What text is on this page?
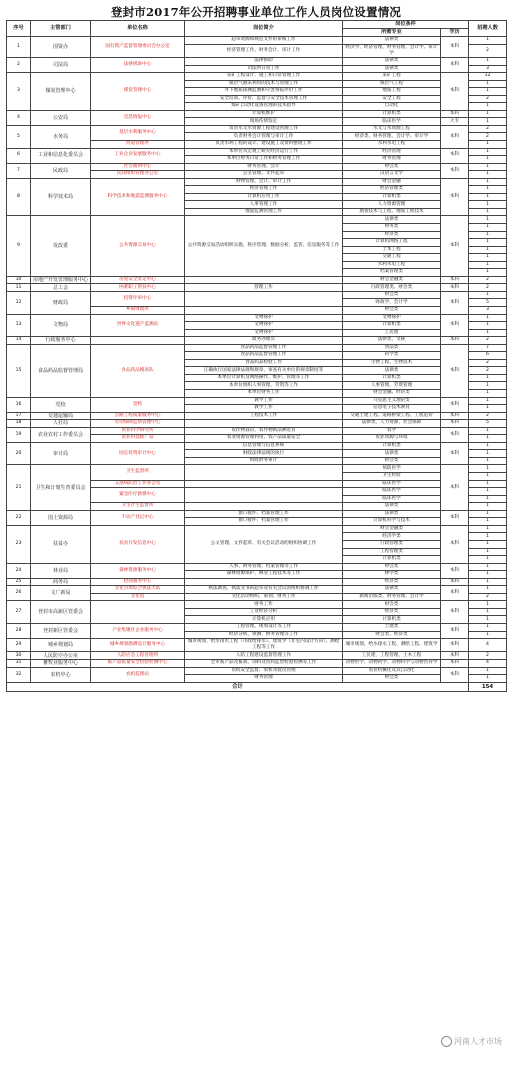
登封市2017年公开招聘事业单位工作人员岗位设置情况
序号	主管部门	单位名称	岗位简介	岗位条件		招聘人数
				所需专业	学历	
1	国资办	国有资产监督管理委员会办公室	起草资源和规范文件的审核工作	法律类	本科	1
			经济管理工作、财务会计、审计工作	经济学、经济管理、财务管理、会计学、审计学		2
2	司法局	法律援助中心	法律援助	法律类	本科	1
			司法所日常工作	法律类		3
3	煤炭管理中心	煤炭管理中心	采矿工程设计、施工和日常管理工作	采矿工程	本科	12
			煤层气抽采利用的技术与管理工作	煤层气工程		1
			井下地质探测监测和灾害预报评价工作	地质工程		1
			安全培训、评价、监督与安全技术管理工作	安全工程		2
			煤矿自动化设备管理的技术指导	自动化		1
4	公安局	反恐情报中心	计算机维护	计算机类	本科	1
			现场伤情鉴定	临床医学	大专	1
5	水务局	基层水利服务中心	负责水文水资源工程建设管理工作	水文与水资源工程	本科	2
			负责财务会计管理与审计工作	经济类、财务管理、会计学、审计学		2
		河道管理所	负责水利工程的设计、建设施工及资料整理工作	水利水电工程		1
6	工业和信息化委员会	工业企业发展服务中心	本单位从宏观上研究经济运行工作	经济管理	本科	1
			本单位财务日常工作和财务管理工作	财务管理		1
7	民政局	社会福利中心	财务管理、会计	财会类	本科	1
		民间组织管理办公室	公文管理、文件起草	汉语言文学		1
8	科学技术局	科学技术和地震监测服务中心	财物管理、会计、审计工作	财会金融	本科	1
			经济管理工作	经济管理类		1
			计算机应用工作	计算机类		1
			人事管理工作	人力资源管理		1
			地震监测管理工作	勘查技术与工程、地质工程技术		1
9	发改委	公共资源交易中心	公共资源交易活动组织实施、秩序管理、数据分析、监管、信息服务等工作	法律类	本科	1
				财务类		1
				经济类		1
				计算机网络工程		1
				土木工程		1
				交通工程		1
				水利水电工程		1
				档案管理类		1
10	房地产开发管理服务中心	房屋安全鉴定中心		财会金融类	本科	2
11	总工会	困难职工帮扶中心	管理工作	行政管理类、财会类	本科	2
12	财政局	投资评审中心		财会类	本科	1
				财政学、会计学		5
		乡镇财政所		财会类		3
13	文物局	世界文化遗产监测站	文物保护	文物保护	本科	1
			文物保护	计算机类		1
			文物保护	工民建		1
14	行政服务中心		政务办理员	法律类、文秘	本科	2
15	食品药品监督管理局	食品药品稽查队	食品药品监督管理工作	食品类	本科	7
			食品药品监督管理工作	药学类		6
			食品药品检验工作	生物工程、生物技术		2
			正确执行国家法律法规和规章，审查有关单位的规章制度等	法律类		2
			本单位计算机及网络操作、维护、管理等工作	计算机类		1
			本单位组织人事管理、劳资等工作	人事管理、劳资管理		1
			本单位财务工作	财会金融、经济类		1
16	党校	党校	教学工作	马克思主义理论类	本科	1
			教学工作	信息电子技术教育		1
17	交通运输局	公路工程质量服务中心	工程技术工作	交通土建工程、道路桥梁工程、工程造价	本科	2
18	人社局	劳动保障监察管理中心		法律类、人力资源、社会保障	本科	5
19	农业农村工作委员会	农业科学研究所	农作物栽培、农作物新品种选育	农学	本科	1
		农业科技推广站	农业资源管理利用、农产品质量安全	农业资源与环境		1
20	审计局	固定投资审计中心	信息管理与信息系统	计算机类	本科	1
			财政法律法规的执行	法律类		1
			财政财务审计	财会类		1
21	卫生和计划生育委员会	卫生监督所		预防医学	本科	1
				卫生检验		1
		艾滋病防治工作办公室		临床医学		1
		紧急医疗救援中心		临床医学		1
				临床医学		1
		卫生计生监督所		法律类		1
22	国土资源局	不动产登记中心	窗口接件、档案管理工作	法律类	本科	1
			窗口接件、档案管理工作	计算机科学与技术		1
23	扶贫办	扶贫开发信息中心	公文管理、文件起草、有关会议活动的组织协调工作	财会金融类	本科	1
				经济学类		1
				行政管理类		1
				工程管理类		1
				计算机类		1
24	林业局	森林资源服务中心	人事、财务管理、档案管理等工作	财会类	本科	1
			森林资源保护、林业工程技术等工作	林学类		1
25	商务局	招商服务中心		经济类	本科	1
26	文广新局	文化市场综合执法大队	执法调查、执法文书的起草及有关会议的组织协调工作	法律类	本科	1
		文化馆	文化活动组织、策划；财务工作	新闻出版类、财务管理、会计学		2
27	登封市高新区管委会		财务工作	财会类	本科	1
			工业经济分析	经济类		1
			计算机应用	计算机类		1
28	登封新区管委会	产业集聚区企业服务中心	工程管理、规划设计等工作	土建类	本科	1
			经济分析、预测、财务管理等工作	财会类、经济类		1
29	城乡规划局	城乡规划勘测设计服务中心	城市规划、给水排水工程（市政给排水）、建筑学（非室内设计方向）、测绘工程等工作	城市规划、给水排水工程、测绘工程、建筑学	本科	4
30	人民防空办公室	人防应急工程管理所	人防工程建设监督管理工作	工民建、工程管理、土木工程	本科	2
31	畜牧业服务中心	畜产品质量安全检验检测中心	全市畜产品及畜禽、饲料及兽药监督检验检测等工作	动物医学、动物药学、动物科学与动物营养学	本科	4
32	农机中心	农机监理站	农机安全监督、农机驾驶员管理	农业机械化及其自动化	本科	1
			财务管理	财会类		1
合计						154
河南人才市场
